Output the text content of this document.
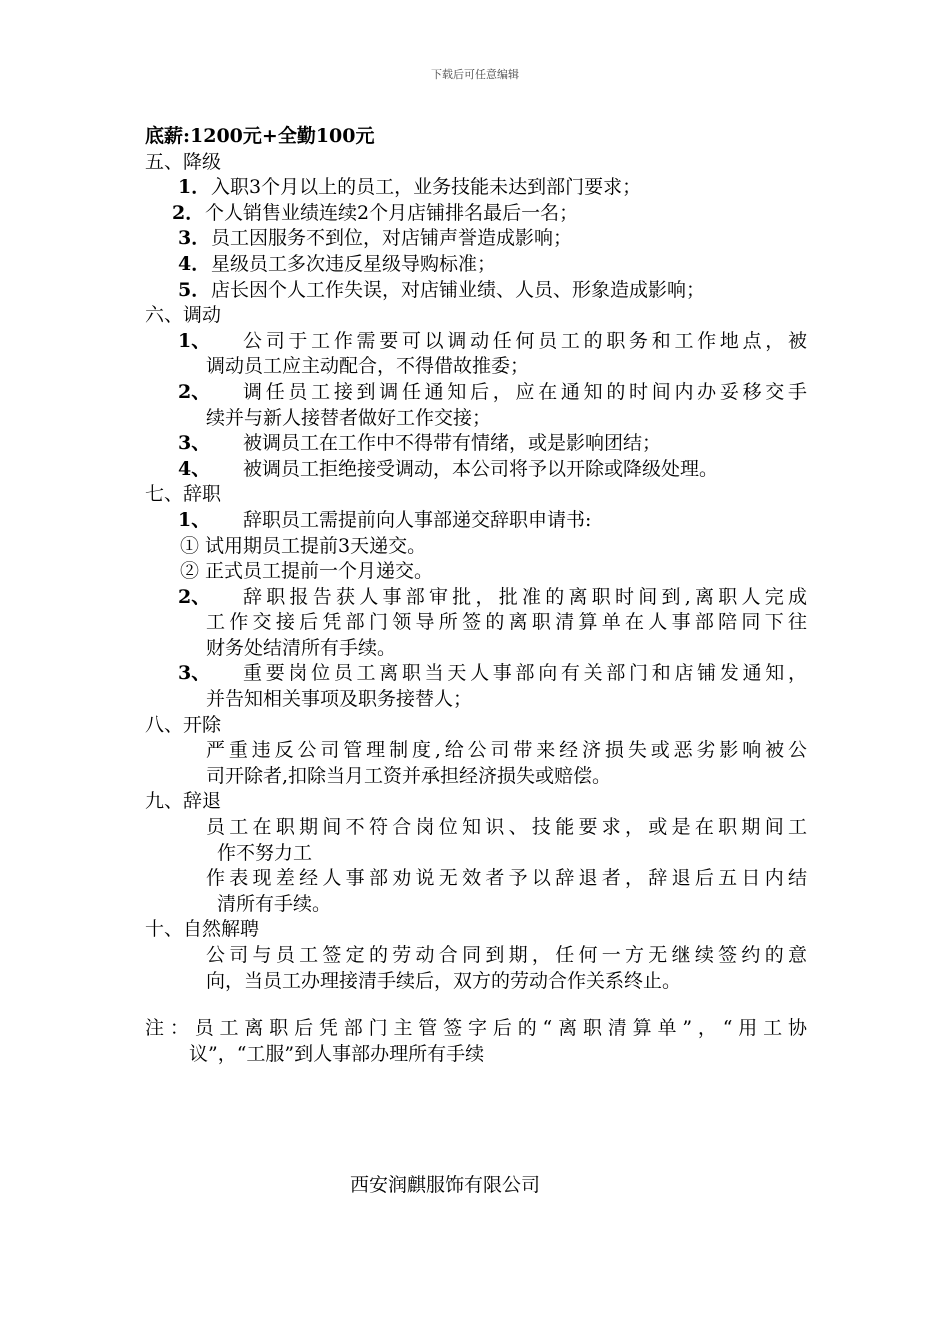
下载后可任意编辑
底薪:1200元+全勤100元
五、降级
1． 入职3个月以上的员工，业务技能未达到部门要求；
2． 个人销售业绩连续2个月店铺排名最后一名；
3． 员工因服务不到位，对店铺声誉造成影响；
4． 星级员工多次违反星级导购标准；
5． 店长因个人工作失误，对店铺业绩、人员、形象造成影响；
六、调动
1、 公司于工作需要可以调动任何员工的职务和工作地点，被
调动员工应主动配合，不得借故推委；
2、 调任员工接到调任通知后，应在通知的时间内办妥移交手
续并与新人接替者做好工作交接；
3、 被调员工在工作中不得带有情绪，或是影响团结；
4、 被调员工拒绝接受调动，本公司将予以开除或降级处理。
七、辞职
1、 辞职员工需提前向人事部递交辞职申请书:
① 试用期员工提前3天递交。
② 正式员工提前一个月递交。
2、 辞职报告获人事部审批，批准的离职时间到,离职人完成
工作交接后凭部门领导所签的离职清算单在人事部陪同下往
财务处结清所有手续。
3、 重要岗位员工离职当天人事部向有关部门和店铺发通知，
并告知相关事项及职务接替人；
八、开除
严重违反公司管理制度,给公司带来经济损失或恶劣影响被公
司开除者,扣除当月工资并承担经济损失或赔偿。
九、辞退
员工在职期间不符合岗位知识、技能要求，或是在职期间工
作不努力工
作表现差经人事部劝说无效者予以辞退者，辞退后五日内结
清所有手续。
十、自然解聘
公司与员工签定的劳动合同到期，任何一方无继续签约的意
向，当员工办理接清手续后，双方的劳动合作关系终止。
注：员工离职后凭部门主管签字后的“离职清算单”，“用工协
议”，“工服”到人事部办理所有手续
西安润麒服饰有限公司
